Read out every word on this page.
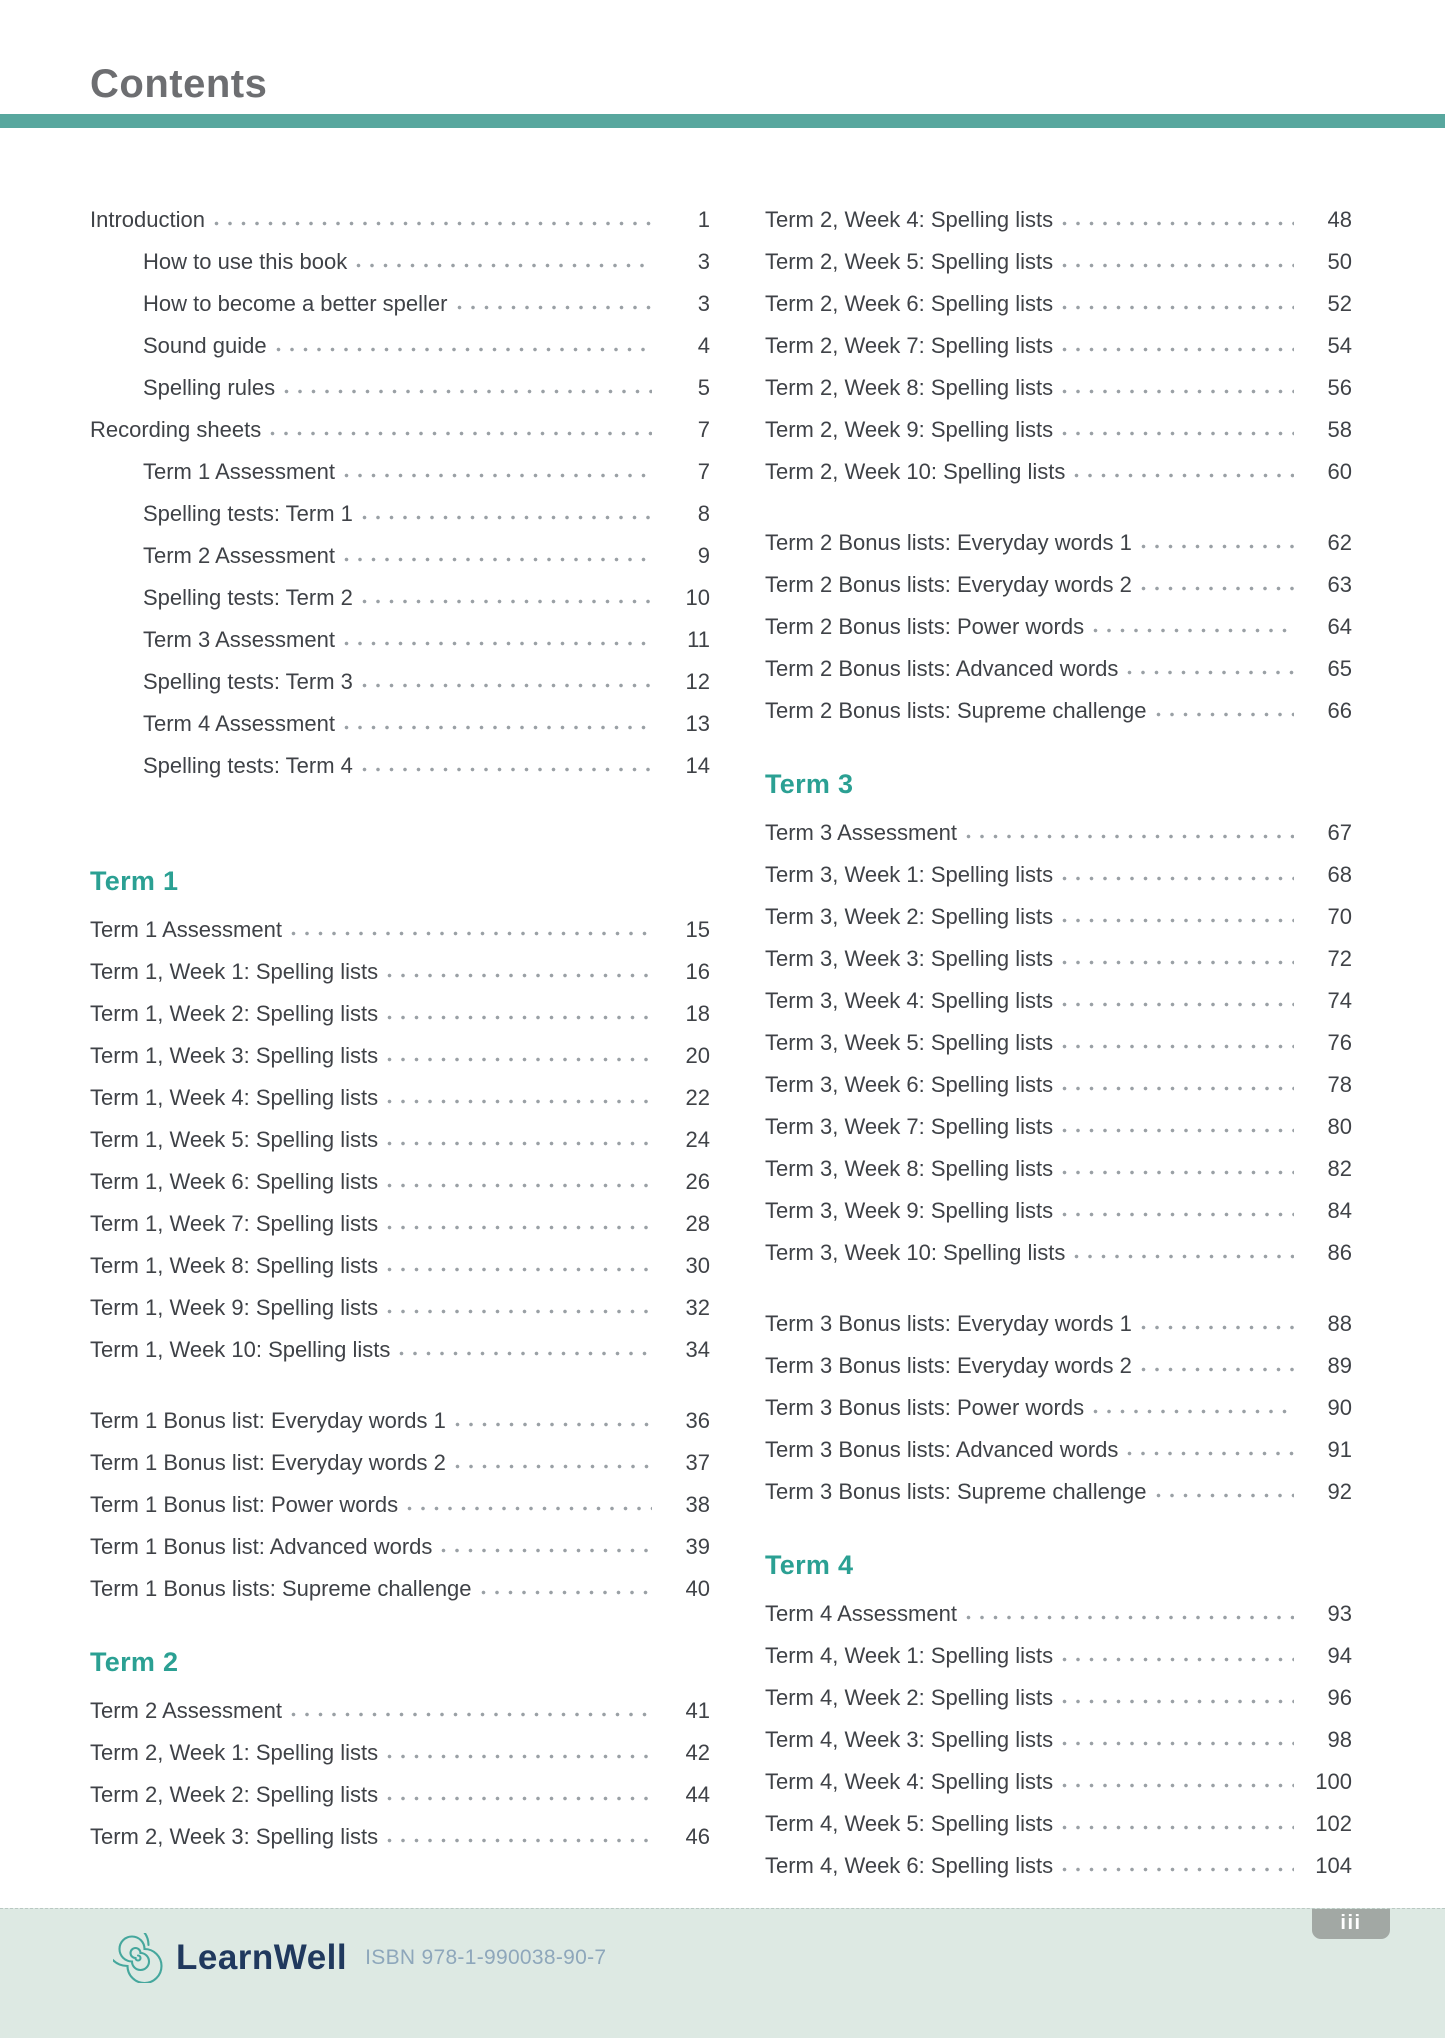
Contents
Introduction	1
How to use this book	3
How to become a better speller	3
Sound guide	4
Spelling rules	5
Recording sheets	7
Term 1 Assessment	7
Spelling tests: Term 1	8
Term 2 Assessment	9
Spelling tests: Term 2	10
Term 3 Assessment	11
Spelling tests: Term 3	12
Term 4 Assessment	13
Spelling tests: Term 4	14
Term 1
Term 1 Assessment	15
Term 1, Week 1: Spelling lists	16
Term 1, Week 2: Spelling lists	18
Term 1, Week 3: Spelling lists	20
Term 1, Week 4: Spelling lists	22
Term 1, Week 5: Spelling lists	24
Term 1, Week 6: Spelling lists	26
Term 1, Week 7: Spelling lists	28
Term 1, Week 8: Spelling lists	30
Term 1, Week 9: Spelling lists	32
Term 1, Week 10: Spelling lists	34
Term 1 Bonus list: Everyday words 1	36
Term 1 Bonus list: Everyday words 2	37
Term 1 Bonus list: Power words	38
Term 1 Bonus list: Advanced words	39
Term 1 Bonus lists: Supreme challenge	40
Term 2
Term 2 Assessment	41
Term 2, Week 1: Spelling lists	42
Term 2, Week 2: Spelling lists	44
Term 2, Week 3: Spelling lists	46
Term 2, Week 4: Spelling lists	48
Term 2, Week 5: Spelling lists	50
Term 2, Week 6: Spelling lists	52
Term 2, Week 7: Spelling lists	54
Term 2, Week 8: Spelling lists	56
Term 2, Week 9: Spelling lists	58
Term 2, Week 10: Spelling lists	60
Term 2 Bonus lists: Everyday words 1	62
Term 2 Bonus lists: Everyday words 2	63
Term 2 Bonus lists: Power words	64
Term 2 Bonus lists: Advanced words	65
Term 2 Bonus lists: Supreme challenge	66
Term 3
Term 3 Assessment	67
Term 3, Week 1: Spelling lists	68
Term 3, Week 2: Spelling lists	70
Term 3, Week 3: Spelling lists	72
Term 3, Week 4: Spelling lists	74
Term 3, Week 5: Spelling lists	76
Term 3, Week 6: Spelling lists	78
Term 3, Week 7: Spelling lists	80
Term 3, Week 8: Spelling lists	82
Term 3, Week 9: Spelling lists	84
Term 3, Week 10: Spelling lists	86
Term 3 Bonus lists: Everyday words 1	88
Term 3 Bonus lists: Everyday words 2	89
Term 3 Bonus lists: Power words	90
Term 3 Bonus lists: Advanced words	91
Term 3 Bonus lists: Supreme challenge	92
Term 4
Term 4 Assessment	93
Term 4, Week 1: Spelling lists	94
Term 4, Week 2: Spelling lists	96
Term 4, Week 3: Spelling lists	98
Term 4, Week 4: Spelling lists	100
Term 4, Week 5: Spelling lists	102
Term 4, Week 6: Spelling lists	104
iii
LearnWell ISBN 978-1-990038-90-7
